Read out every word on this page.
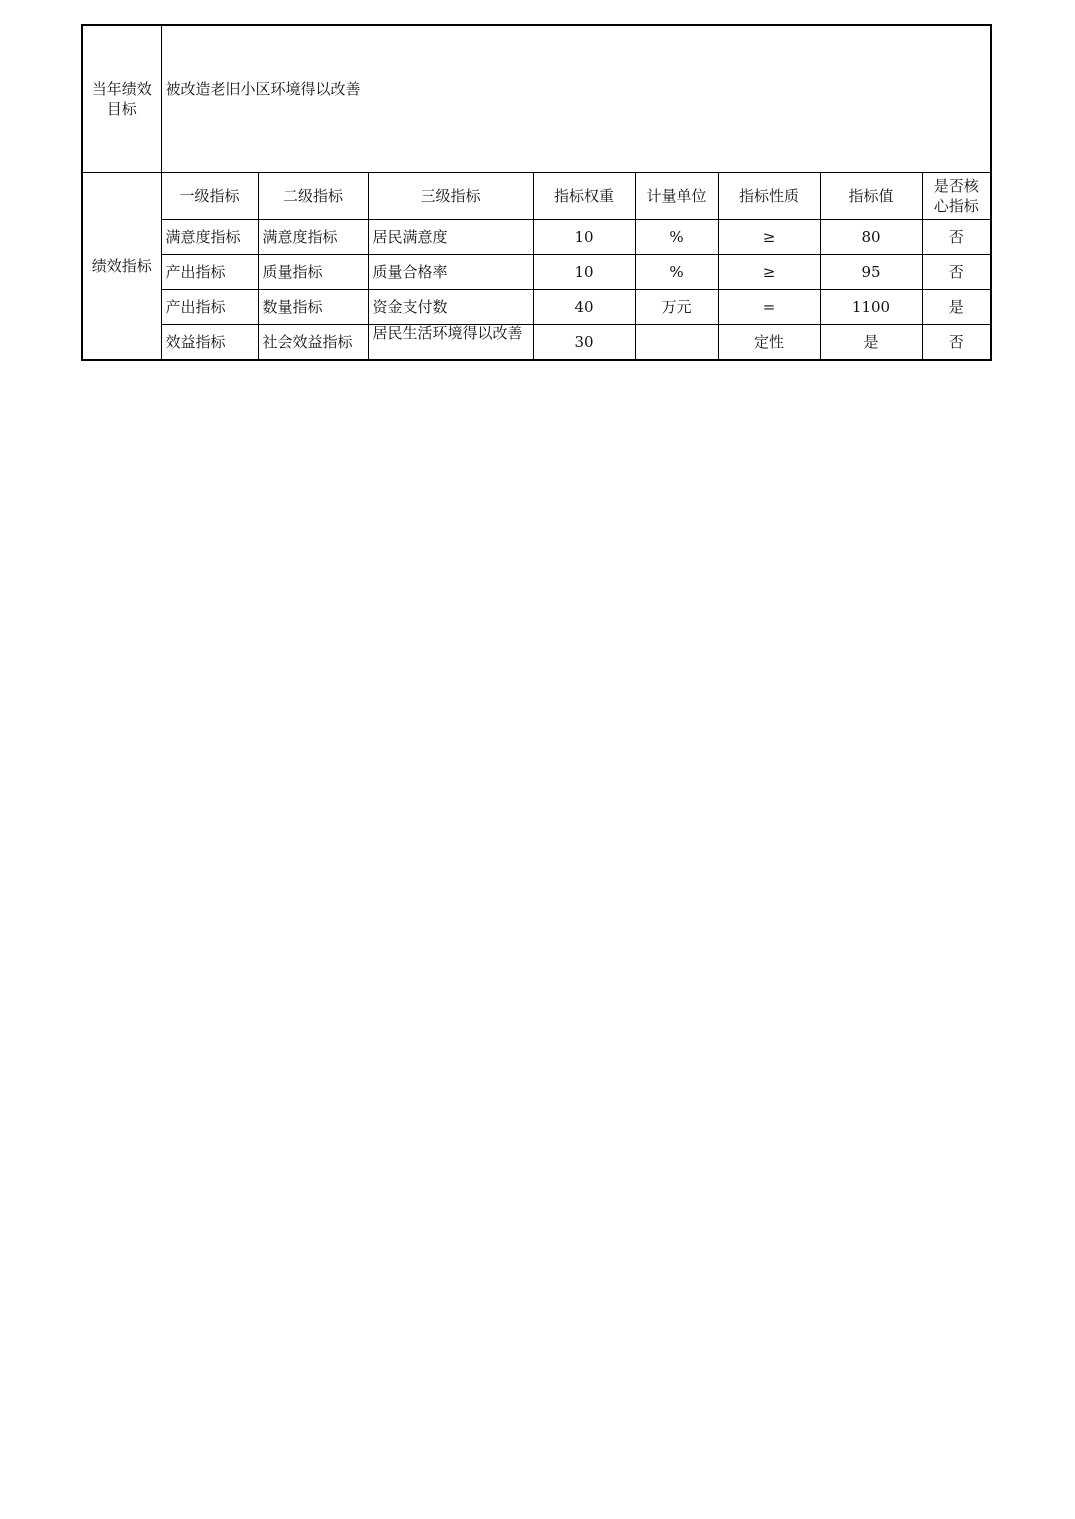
当年绩效目标	被改造老旧小区环境得以改善							

绩效指标	一级指标	二级指标	三级指标	指标权重	计量单位	指标性质	指标值	是否核心指标
	满意度指标	满意度指标	居民满意度	10	%	≥	80	否
	产出指标	质量指标	质量合格率	10	%	≥	95	否
	产出指标	数量指标	资金支付数	40	万元	=	1100	是
	效益指标	社会效益指标	居民生活环境得以改善	30		定性	是	否
